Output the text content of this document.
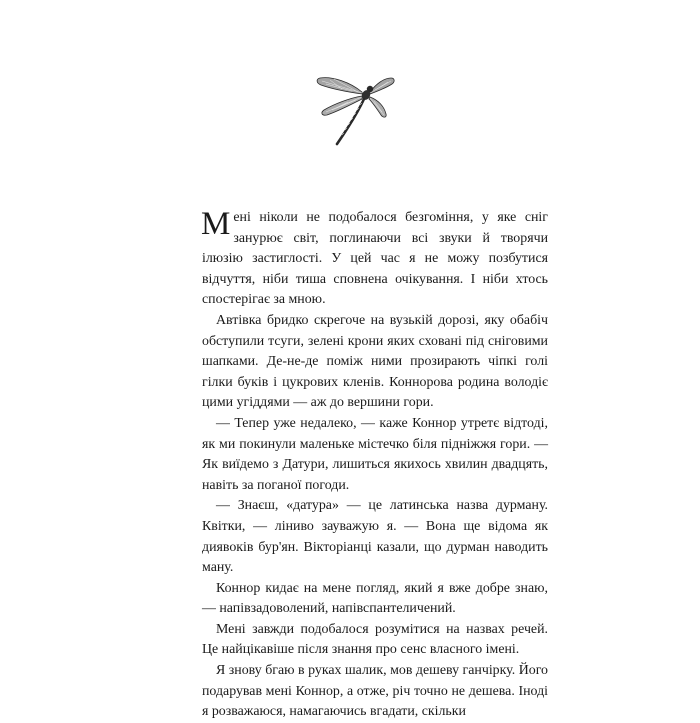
Мені ніколи не подобалося безгоміння, у яке сніг занурює світ, поглинаючи всі звуки й творячи ілюзію застиглості. У цей час я не можу позбутися відчуття, ніби тиша сповнена очікування. І ніби хтось спостерігає за мною.

Автівка бридко скрегоче на вузькій дорозі, яку обабіч обступили тсуги, зелені крони яких сховані під сніговими шапками. Де-не-де поміж ними прозирають чіпкі голі гілки буків і цукрових кленів. Коннорова родина володіє цими угіддями — аж до вершини гори.

— Тепер уже недалеко, — каже Коннор утретє відтоді, як ми покинули маленьке містечко біля підніжжя гори. — Як виїдемо з Датури, лишиться якихось хвилин двадцять, навіть за поганої погоди.

— Знаєш, «датура» — це латинська назва дурману. Квітки, — ліниво зауважую я. — Вона ще відома як диявоків бур'ян. Вікторіанці казали, що дурман наводить ману.

Коннор кидає на мене погляд, який я вже добре знаю, — напівзадоволений, напівспантеличений.

Мені завжди подобалося розумітися на назвах речей. Це найцікавіше після знання про сенс власного імені.

Я знову бгаю в руках шалик, мов дешеву ганчірку. Його подарував мені Коннор, а отже, річ точно не дешева. Іноді я розважаюся, намагаючись вгадати, скільки
